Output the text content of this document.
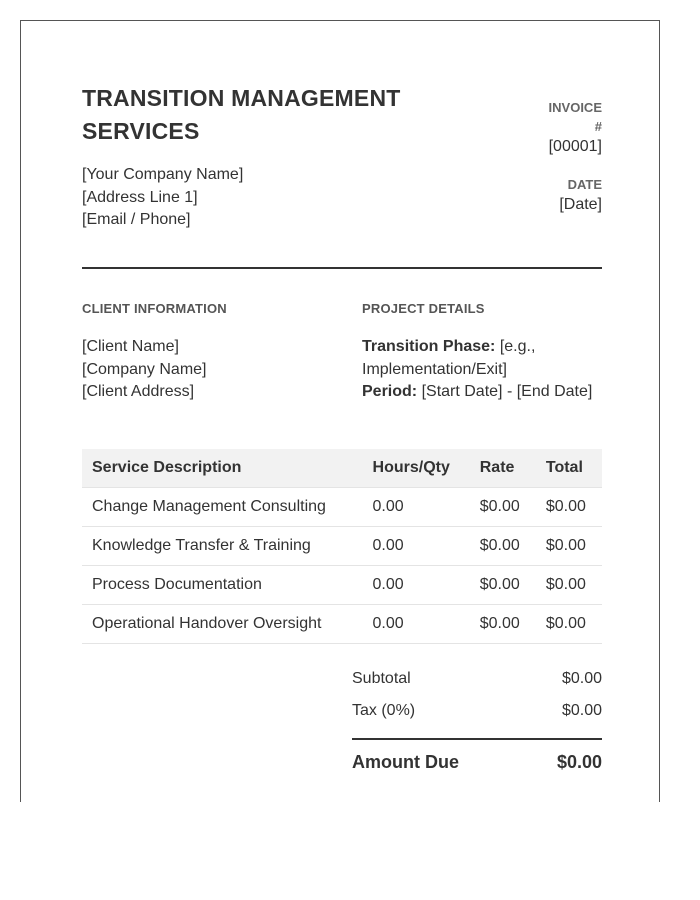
TRANSITION MANAGEMENT
SERVICES
[Your Company Name]
[Address Line 1]
[Email / Phone]
INVOICE
#
[00001]
DATE
[Date]
CLIENT INFORMATION
[Client Name]
[Company Name]
[Client Address]
PROJECT DETAILS
Transition Phase: [e.g.,
Implementation/Exit]
Period: [Start Date] - [End Date]
Service Description	Hours/Qty	Rate	Total
Change Management Consulting	0.00	$0.00	$0.00
Knowledge Transfer & Training	0.00	$0.00	$0.00
Process Documentation	0.00	$0.00	$0.00
Operational Handover Oversight	0.00	$0.00	$0.00
Subtotal	$0.00
Tax (0%)	$0.00
Amount Due	$0.00
